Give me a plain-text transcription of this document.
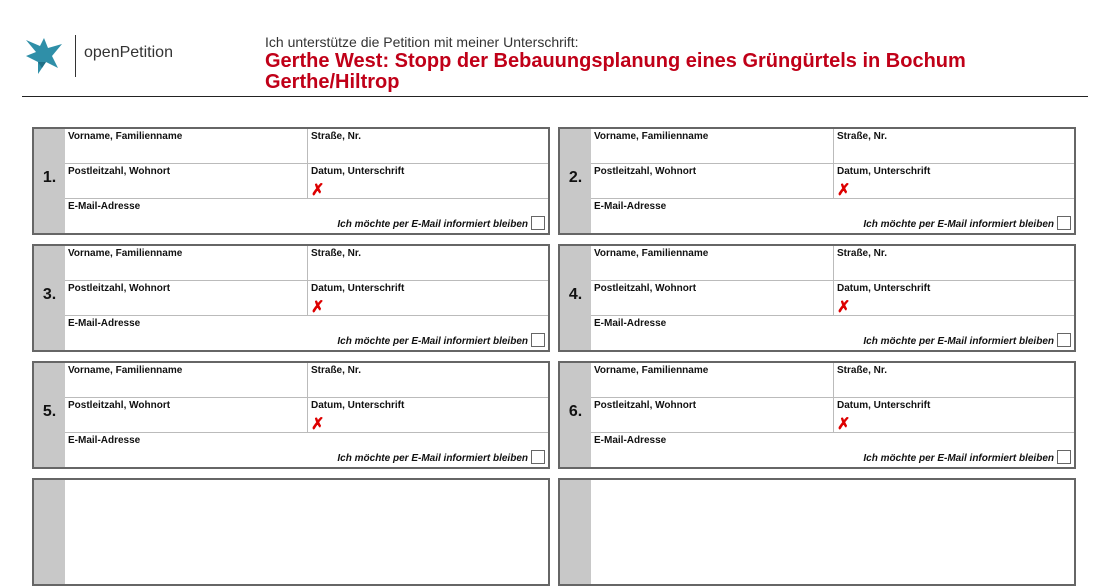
openPetition
Ich unterstütze die Petition mit meiner Unterschrift:
Gerthe West: Stopp der Bebauungsplanung eines Grüngürtels in Bochum Gerthe/Hiltrop
1.
Vorname, Familienname	Straße, Nr.
Postleitzahl, Wohnort	Datum, Unterschrift
✗
E-Mail-Adresse
Ich möchte per E-Mail informiert bleiben
2.
Vorname, Familienname	Straße, Nr.
Postleitzahl, Wohnort	Datum, Unterschrift
✗
E-Mail-Adresse
Ich möchte per E-Mail informiert bleiben
3.
Vorname, Familienname	Straße, Nr.
Postleitzahl, Wohnort	Datum, Unterschrift
✗
E-Mail-Adresse
Ich möchte per E-Mail informiert bleiben
4.
Vorname, Familienname	Straße, Nr.
Postleitzahl, Wohnort	Datum, Unterschrift
✗
E-Mail-Adresse
Ich möchte per E-Mail informiert bleiben
5.
Vorname, Familienname	Straße, Nr.
Postleitzahl, Wohnort	Datum, Unterschrift
✗
E-Mail-Adresse
Ich möchte per E-Mail informiert bleiben
6.
Vorname, Familienname	Straße, Nr.
Postleitzahl, Wohnort	Datum, Unterschrift
✗
E-Mail-Adresse
Ich möchte per E-Mail informiert bleiben
